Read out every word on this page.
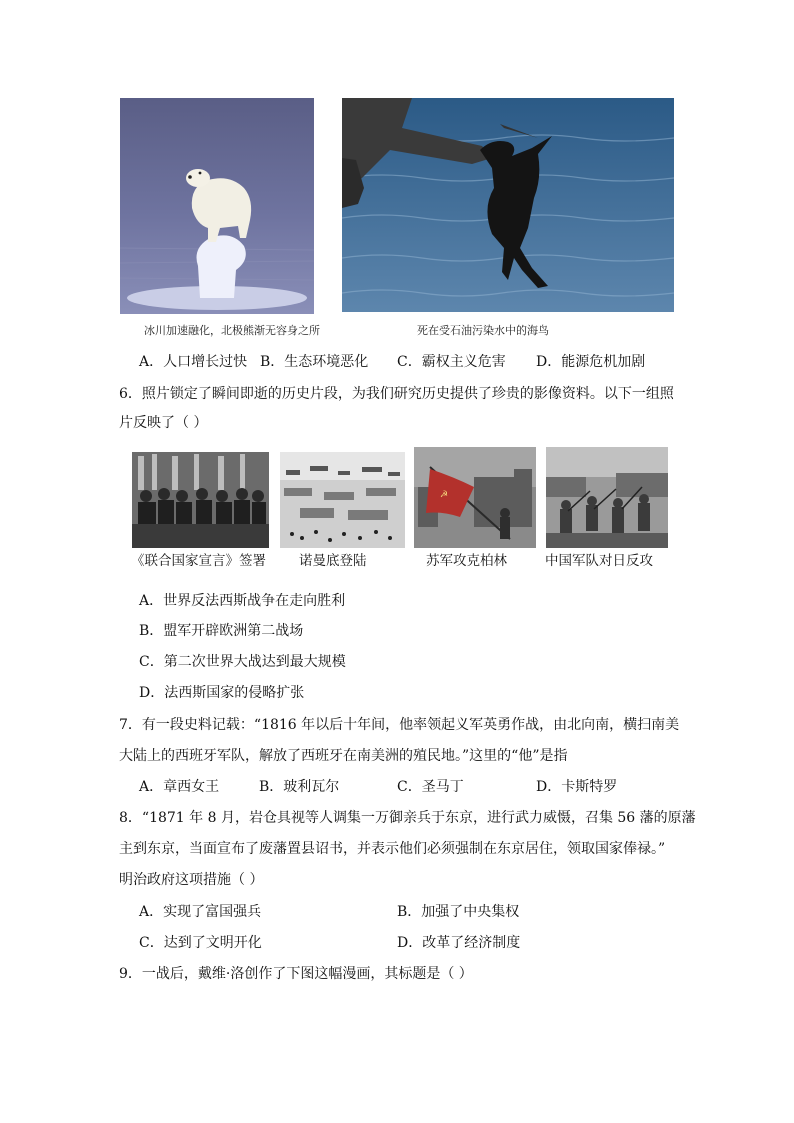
冰川加速融化，北极熊渐无容身之所	死在受石油污染水中的海鸟
A．人口增长过快 B．生态环境恶化 C．霸权主义危害 D．能源危机加剧
6．照片锁定了瞬间即逝的历史片段，为我们研究历史提供了珍贵的影像资料。以下一组照
片反映了（ ）
☭
《联合国家宣言》签署 诺曼底登陆	苏军攻克柏林	中国军队对日反攻
A．世界反法西斯战争在走向胜利
B．盟军开辟欧洲第二战场
C．第二次世界大战达到最大规模
D．法西斯国家的侵略扩张
7．有一段史料记载：“1816 年以后十年间，他率领起义军英勇作战，由北向南，横扫南美
大陆上的西班牙军队，解放了西班牙在南美洲的殖民地。”这里的“他”是指
A．章西女王	B．玻利瓦尔	C．圣马丁	D．卡斯特罗
8．“1871 年 8 月，岩仓具视等人调集一万御亲兵于东京，进行武力威慑，召集 56 藩的原藩
主到东京，当面宣布了废藩置县诏书，并表示他们必须强制在东京居住，领取国家俸禄。”
明治政府这项措施（ ）
A．实现了富国强兵	B．加强了中央集权
C．达到了文明开化	D．改革了经济制度
9．一战后，戴维·洛创作了下图这幅漫画，其标题是（ ）
